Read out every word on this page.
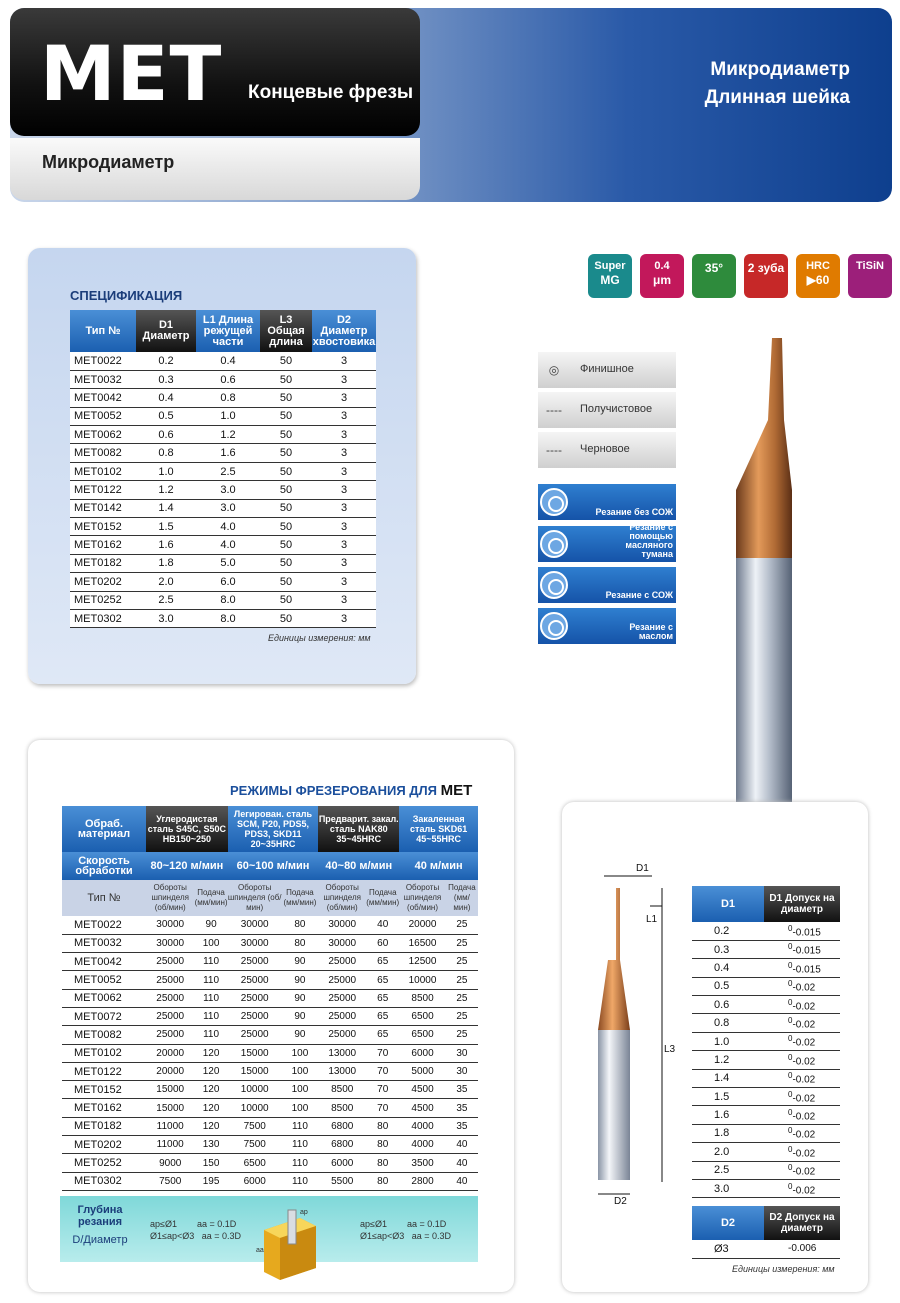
MET Концевые фрезы
Микродиаметр
Микродиаметр
Длинная шейка
СПЕЦИФИКАЦИЯ
Тип №	D1 Диаметр	L1 Длина режущей части	L3 Общая длина	D2 Диаметр хвостовика
MET0022	0.2	0.4	50	3
MET0032	0.3	0.6	50	3
MET0042	0.4	0.8	50	3
MET0052	0.5	1.0	50	3
MET0062	0.6	1.2	50	3
MET0082	0.8	1.6	50	3
MET0102	1.0	2.5	50	3
MET0122	1.2	3.0	50	3
MET0142	1.4	3.0	50	3
MET0152	1.5	4.0	50	3
MET0162	1.6	4.0	50	3
MET0182	1.8	5.0	50	3
MET0202	2.0	6.0	50	3
MET0252	2.5	8.0	50	3
MET0302	3.0	8.0	50	3
Единицы измерения: мм
Super
MG
0.4
μm
35°	2 зуба	HRC
▶60
TiSiN
◎	Финишное
----	Получистовое
----	Черновое
Резание без СОЖ
Резание с помощью масляного тумана
Резание с СОЖ
Резание с маслом
РЕЖИМЫ ФРЕЗЕРОВАНИЯ ДЛЯ MET
Обраб. материал	Углеродистая сталь S45C, S50C HB150~250		Легирован. сталь SCM, P20, PDS5, PDS3, SKD11 20~35HRC		Предварит. закал. сталь NAK80 35~45HRC		Закаленная сталь SKD61 45~55HRC	
Скорость обработки	80~120 м/мин		60~100 м/мин		40~80 м/мин		40 м/мин	
Тип №	Обороты шпинделя (об/мин)	Подача (мм/мин)	Обороты шпинделя (об/мин)	Подача (мм/мин)	Обороты шпинделя (об/мин)	Подача (мм/мин)	Обороты шпинделя (об/мин)	Подача (мм/мин)
MET0022	30000	90	30000	80	30000	40	20000	25
MET0032	30000	100	30000	80	30000	60	16500	25
MET0042	25000	110	25000	90	25000	65	12500	25
MET0052	25000	110	25000	90	25000	65	10000	25
MET0062	25000	110	25000	90	25000	65	8500	25
MET0072	25000	110	25000	90	25000	65	6500	25
MET0082	25000	110	25000	90	25000	65	6500	25
MET0102	20000	120	15000	100	13000	70	6000	30
MET0122	20000	120	15000	100	13000	70	5000	30
MET0152	15000	120	10000	100	8500	70	4500	35
MET0162	15000	120	10000	100	8500	70	4500	35
MET0182	11000	120	7500	110	6800	80	4000	35
MET0202	11000	130	7500	110	6800	80	4000	40
MET0252	9000	150	6500	110	6000	80	3500	40
MET0302	7500	195	6000	110	5500	80	2800	40
Глубина резания
D/Диаметр
ap≤Ø1 aa = 0.1D
Ø1≤ap<Ø3 aa = 0.3D
ap
aa
ap≤Ø1 aa = 0.1D
Ø1≤ap<Ø3 aa = 0.3D
D1
L1
L3
D2
D1	D1 Допуск на диаметр
0.2	$^0$-0.015
0.3	$^0$-0.015
0.4	$^0$-0.015
0.5	$^0$-0.02
0.6	$^0$-0.02
0.8	$^0$-0.02
1.0	$^0$-0.02
1.2	$^0$-0.02
1.4	$^0$-0.02
1.5	$^0$-0.02
1.6	$^0$-0.02
1.8	$^0$-0.02
2.0	$^0$-0.02
2.5	$^0$-0.02
3.0	$^0$-0.02
D2	D2 Допуск на диаметр
Ø3	-0.006
Единицы измерения: мм
